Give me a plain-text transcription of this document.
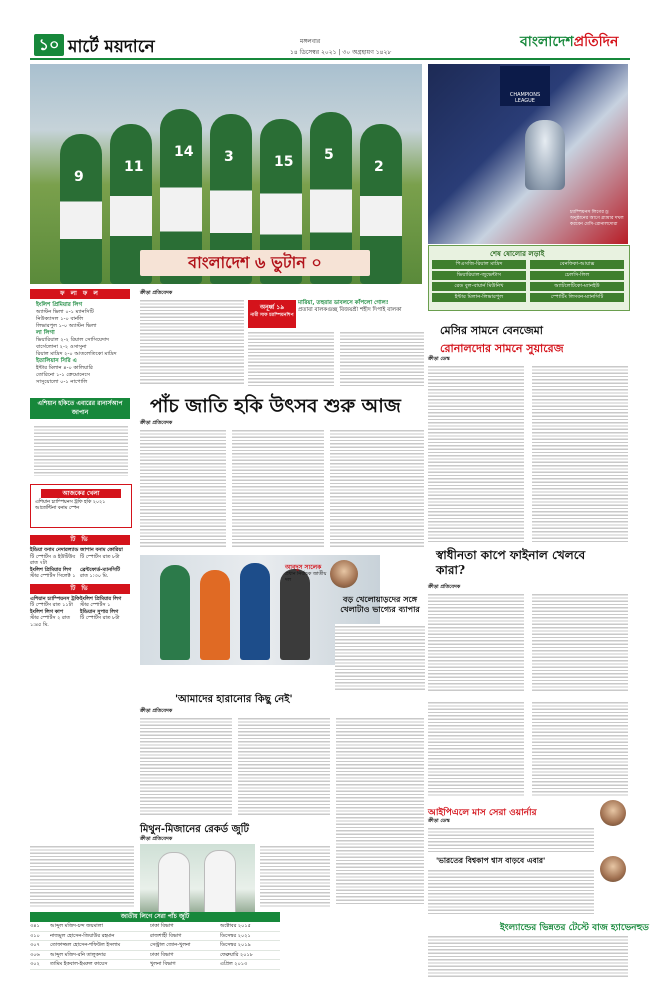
১০ মার্টে ময়দানে	মঙ্গলবার
১৪ ডিসেম্বর ২০২১ | ৩০ অগ্রহায়ণ ১৪২৮
বাংলাদেশপ্রতিদিন
9
11
14 3	15 5
2
বাংলাদেশ ৬ ভুটান ০
CHAMPIONS LEAGUE
চ্যাম্পিয়নস লিগের ড্র অনুষ্ঠানের আগে গ্ল্যামার দখল করবেন মেসি-রোনালদোরা
শেষ ষোলোর লড়াই
পিএসজি-রিয়াল মাদ্রিদ	বেনফিকা-আয়াক্স
ভিয়ারিয়াল-জুভেন্টাস	চেলসি-লিল
রেড বুল-বায়ার্ন মিউনিখ	অ্যাটলেটিকো-ম্যানইউ
ইন্টার মিলান-লিভারপুল	স্পোর্টিং লিসবন-ম্যানসিটি
মেসির সামনে বেনজেমা
রোনালদোর সামনে সুয়ারেজ
ক্রীড়া ডেস্ক
ফ লা ফ ল
ইংলিশ প্রিমিয়ার লিগ
অ্যাস্টন ভিলা ০-১ ম্যানসিটি
নিউক্যাসল ১-০ বার্নলি
লিভারপুল ১-০ অ্যাস্টন ভিলা
লা লিগা
ভিয়ারিয়াল ২-২ রিয়াল সোসিয়েদাদ
বার্সেলোনা ২-২ ওসাসুনা
রিয়াল মাদ্রিদ ২-০ আতলেতিকো মাদ্রিদ
ইতালিয়ান সিরি এ
ইন্টার মিলান ৪-০ কালিয়ারি
তোরিনো ১-১ ক্রেমোনেসে
সাসুয়োলো ০-১ নাপোলি
এশিয়ান হকিতে এবারের রানার্সআপ জাপান
আজকের খেলা
এশিয়ান চ্যাম্পিয়নস ট্রফি হকি ২০২১ আর্জেন্টিনা বনাম স্পেন
টি ভি
ইন্ডিয়া বনাম নেদারল্যান্ড
টি স্পোর্টস ও ইউটিউব রাত ৭টা
জাপান বনাম কোরিয়া
টি স্পোর্টস রাত ৮টা
ইংলিশ প্রিমিয়ার লিগ
স্টার স্পোর্টস সিলেক্ট ১
ব্রেন্টফোর্ড-ম্যানসিটি
রাত ১:৩০ মি.
টি ভি
এশিয়ান চ্যাম্পিয়নস ট্রফি
টি স্পোর্টস রাত ১১টা
ইংলিশ প্রিমিয়ার লিগ
স্টার স্পোর্টস ১
ইংলিশ লিগ কাপ
স্টার স্পোর্টস ২ রাত ১:৪৫ মি.
ইন্ডিয়ান সুপার লিগ
টি স্পোর্টস রাত ৮টা
ক্রীড়া প্রতিবেদক
অনূর্ধ্ব ১৯
নারী সাফ চ্যাম্পিয়নশিপ
মারিয়া, তহুরার ডাবলসে কাঁপলো গোল!
প্রতাবা বালকগুচ্ছ বিজয়শ্রী শহীদ দিপাই বালকা
পাঁচ জাতি হকি উৎসব শুরু আজ
ক্রীড়া প্রতিবেদক
স্বাধীনতা কাপে ফাইনাল খেলবে কারা?
ক্রীড়া প্রতিবেদক
আবদুস সালেক
প্রধান নির্বাচক জাতীয় দল
বড় খেলোয়াড়দের সঙ্গে খেলাটাও ভাগ্যের ব্যাপার
'আমাদের হারানোর কিছু নেই'
ক্রীড়া প্রতিবেদক
মিথুন-মিজানের রেকর্ড জুটি
ক্রীড়া প্রতিবেদক
জাতীয় লিগে সেরা পাঁচ জুটি
৩৪১	আব্দুল মজিদ-চন্দ জয়মালা	ঢাকা বিভাগ	অক্টোবর ২০১৫
৩১০	নাজমুল হোসেন-জিয়াউর রহমান	রাজশাহী বিভাগ	ডিসেম্বর ২০২১
৩০৭	তোফাজ্জল হোসেন-শফিউল ইসলাম	সেন্ট্রাল জোন-খুলনা	ডিসেম্বর ২০১৯
৩০৬	আব্দুল মজিদ-রনি তালুকদার	ঢাকা বিভাগ	ফেব্রুয়ারি ২০১৮
৩০২	তামিম ইকবাল-ইমরুল কায়েস	খুলনা বিভাগ	এপ্রিল ২০১৩
আইপিএলে মাস সেরা ওয়ার্নার
ক্রীড়া ডেস্ক
'ভারতের বিশ্বকাপ শ্বাস বাড়বে এবার'
ইংল্যান্ডের ভিন্নতর টেস্টে বাজ হ্যাভেনহুড
